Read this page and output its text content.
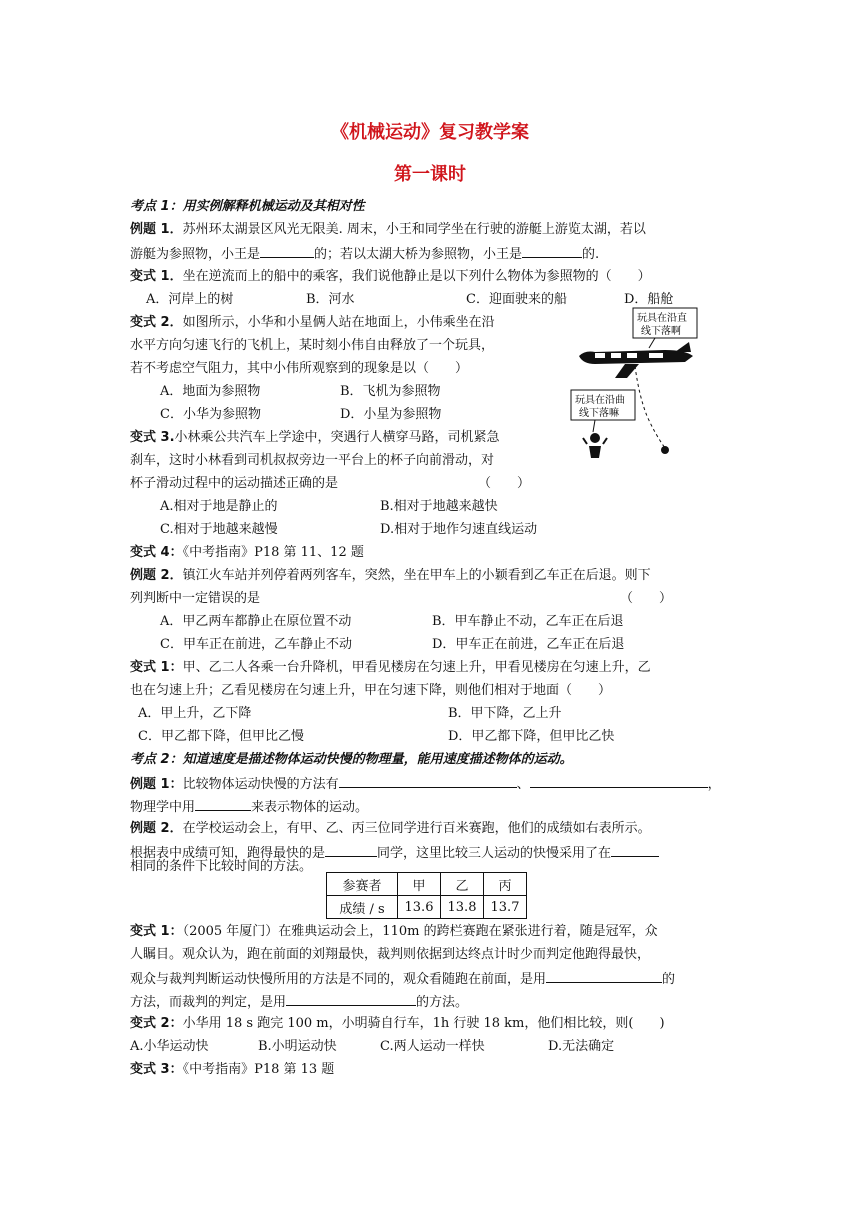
《机械运动》复习教学案
第一课时
考点 1：用实例解释机械运动及其相对性
例题 1．苏州环太湖景区风光无限美. 周末，小王和同学坐在行驶的游艇上游览太湖，若以
游艇为参照物，小王是	的；若以太湖大桥为参照物，小王是	的.
变式 1．坐在逆流而上的船中的乘客，我们说他静止是以下列什么物体为参照物的（　　）
A．河岸上的树	B．河水	C．迎面驶来的船	D．船舱
变式 2．如图所示，小华和小星俩人站在地面上，小伟乘坐在沿
水平方向匀速飞行的飞机上，某时刻小伟自由释放了一个玩具，
若不考虑空气阻力，其中小伟所观察到的现象是以（　　）
A．地面为参照物	B．飞机为参照物
C．小华为参照物	D．小星为参照物
玩具在沿直
线下落啊
玩具在沿曲
线下落嘛
变式 3.小林乘公共汽车上学途中，突遇行人横穿马路，司机紧急
刹车，这时小林看到司机叔叔旁边一平台上的杯子向前滑动，对
杯子滑动过程中的运动描述正确的是	（　　）
A.相对于地是静止的	B.相对于地越来越快
C.相对于地越来越慢	D.相对于地作匀速直线运动
变式 4：《中考指南》P18 第 11、12 题
例题 2．镇江火车站并列停着两列客车，突然，坐在甲车上的小颖看到乙车正在后退。则下
列判断中一定错误的是	（　　）
A．甲乙两车都静止在原位置不动	B．甲车静止不动，乙车正在后退
C．甲车正在前进，乙车静止不动	D．甲车正在前进，乙车正在后退
变式 1：甲、乙二人各乘一台升降机，甲看见楼房在匀速上升，甲看见楼房在匀速上升，乙
也在匀速上升；乙看见楼房在匀速上升，甲在匀速下降，则他们相对于地面（　　）
A．甲上升，乙下降	B．甲下降，乙上升
C．甲乙都下降，但甲比乙慢	D．甲乙都下降，但甲比乙快
考点 2：知道速度是描述物体运动快慢的物理量，能用速度描述物体的运动。
例题 1：比较物体运动快慢的方法有	、	，
物理学中用	来表示物体的运动。
例题 2．在学校运动会上，有甲、乙、丙三位同学进行百米赛跑，他们的成绩如右表所示。
根据表中成绩可知，跑得最快的是	同学，这里比较三人运动的快慢采用了在
相同的条件下比较时间的方法。
参赛者	甲	乙	丙
成绩 / s	13.6	13.8	13.7
变式 1：（2005 年厦门）在雅典运动会上，110m 的跨栏赛跑在紧张进行着，随是冠军，众
人瞩目。观众认为，跑在前面的刘翔最快，裁判则依据到达终点计时少而判定他跑得最快，
观众与裁判判断运动快慢所用的方法是不同的，观众看随跑在前面，是用	的
方法，而裁判的判定，是用	的方法。
变式 2：小华用 18 s 跑完 100 m，小明骑自行车，1h 行驶 18 km，他们相比较，则(　　)
A.小华运动快	B.小明运动快	C.两人运动一样快	D.无法确定
变式 3：《中考指南》P18 第 13 题
